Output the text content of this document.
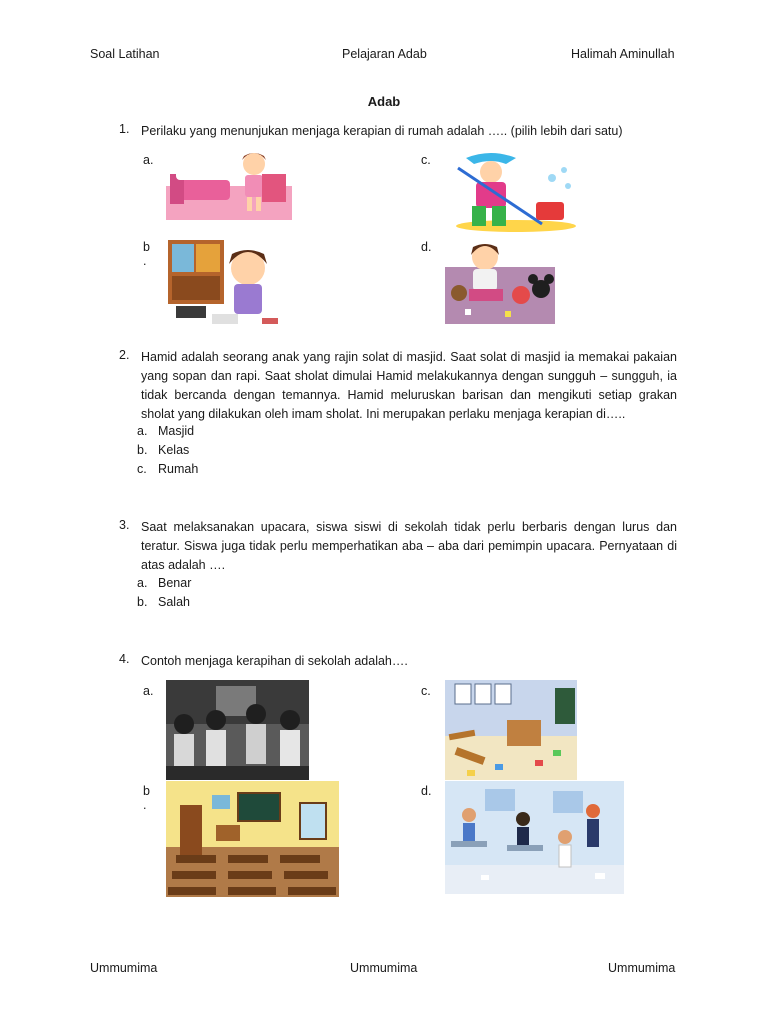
Soal Latihan	Pelajaran Adab	Halimah Aminullah
Adab
1. Perilaku yang menunjukan menjaga kerapian di rumah adalah ….. (pilih lebih dari satu)
a.	c.
b
.
d.
2. Hamid adalah seorang anak yang rajin solat di masjid. Saat solat di masjid ia memakai pakaian yang sopan dan rapi. Saat sholat dimulai Hamid melakukannya dengan sungguh – sungguh, ia tidak bercanda dengan temannya. Hamid meluruskan barisan dan mengikuti setiap grakan sholat yang dilakukan oleh imam sholat. Ini merupakan perlaku menjaga kerapian di…..
a. Masjid
b. Kelas
c. Rumah
3. Saat melaksanakan upacara, siswa siswi di sekolah tidak perlu berbaris dengan lurus dan teratur. Siswa juga tidak perlu memperhatikan aba – aba dari pemimpin upacara. Pernyataan di atas adalah ….
a. Benar
b. Salah
4. Contoh menjaga kerapihan di sekolah adalah….
a.	c.
b
.
d.
Ummumima	Ummumima	Ummumima
